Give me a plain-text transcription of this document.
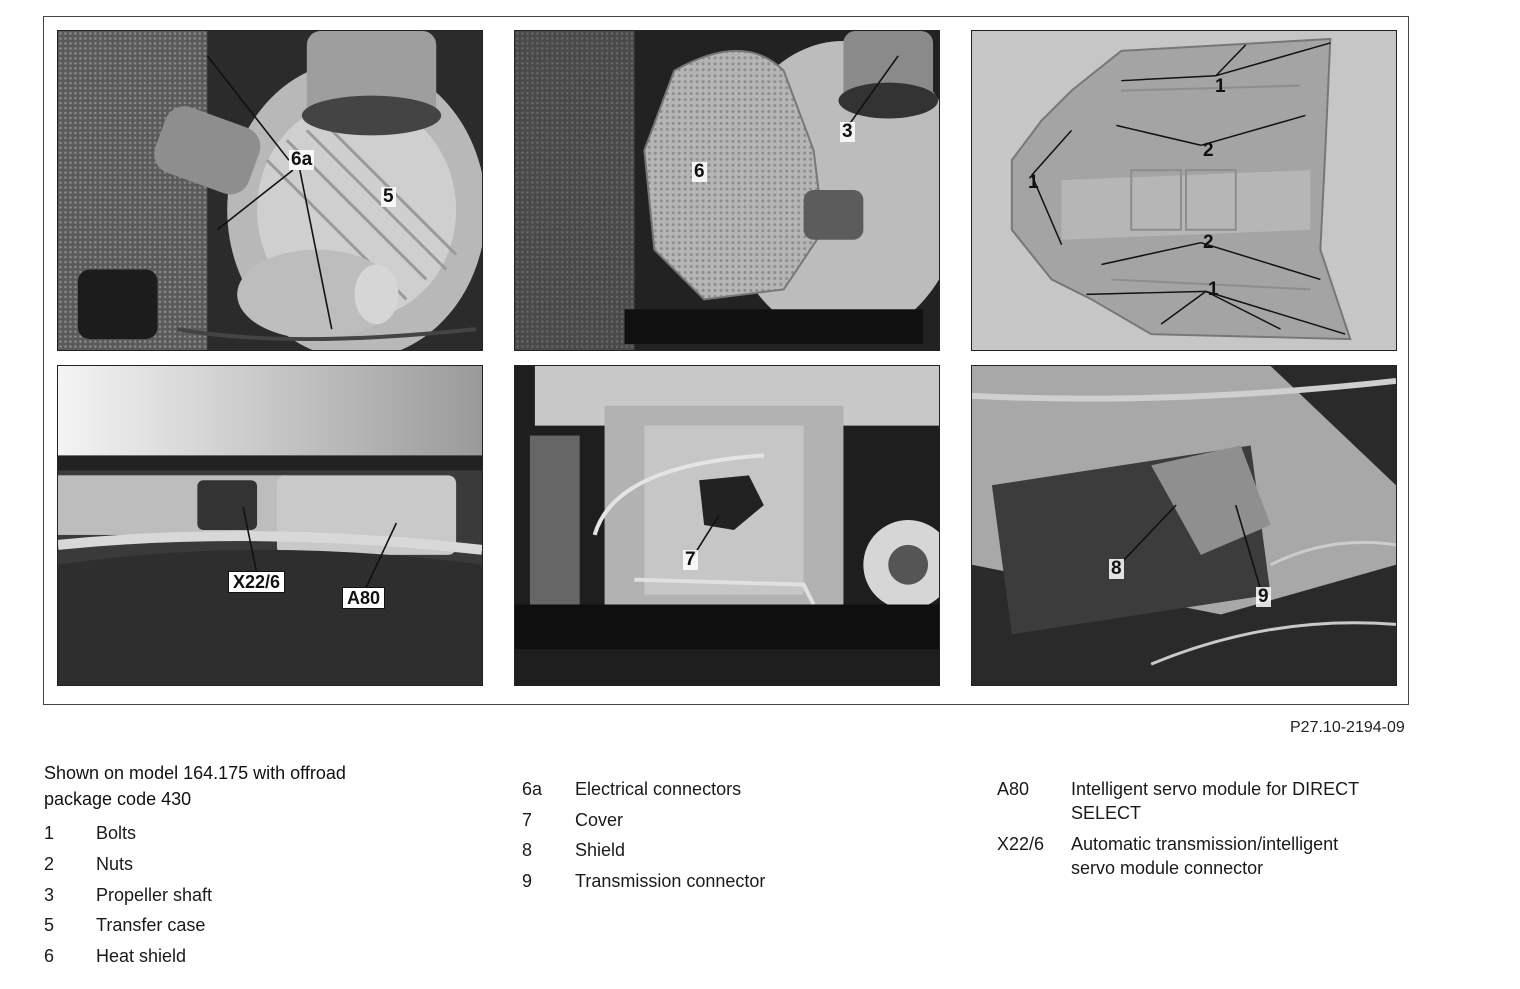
6a
5
3
6
1
2
1
2
1
X22/6
A80
7	8
9
P27.10-2194-09
Shown on model 164.175 with offroad package code 430
1 Bolts
2 Nuts
3 Propeller shaft
5 Transfer case
6 Heat shield
6a Electrical connectors
7 Cover
8 Shield
9 Transmission connector
A80 Intelligent servo module for DIRECT SELECT
X22/6 Automatic transmission/intelligent servo module connector
